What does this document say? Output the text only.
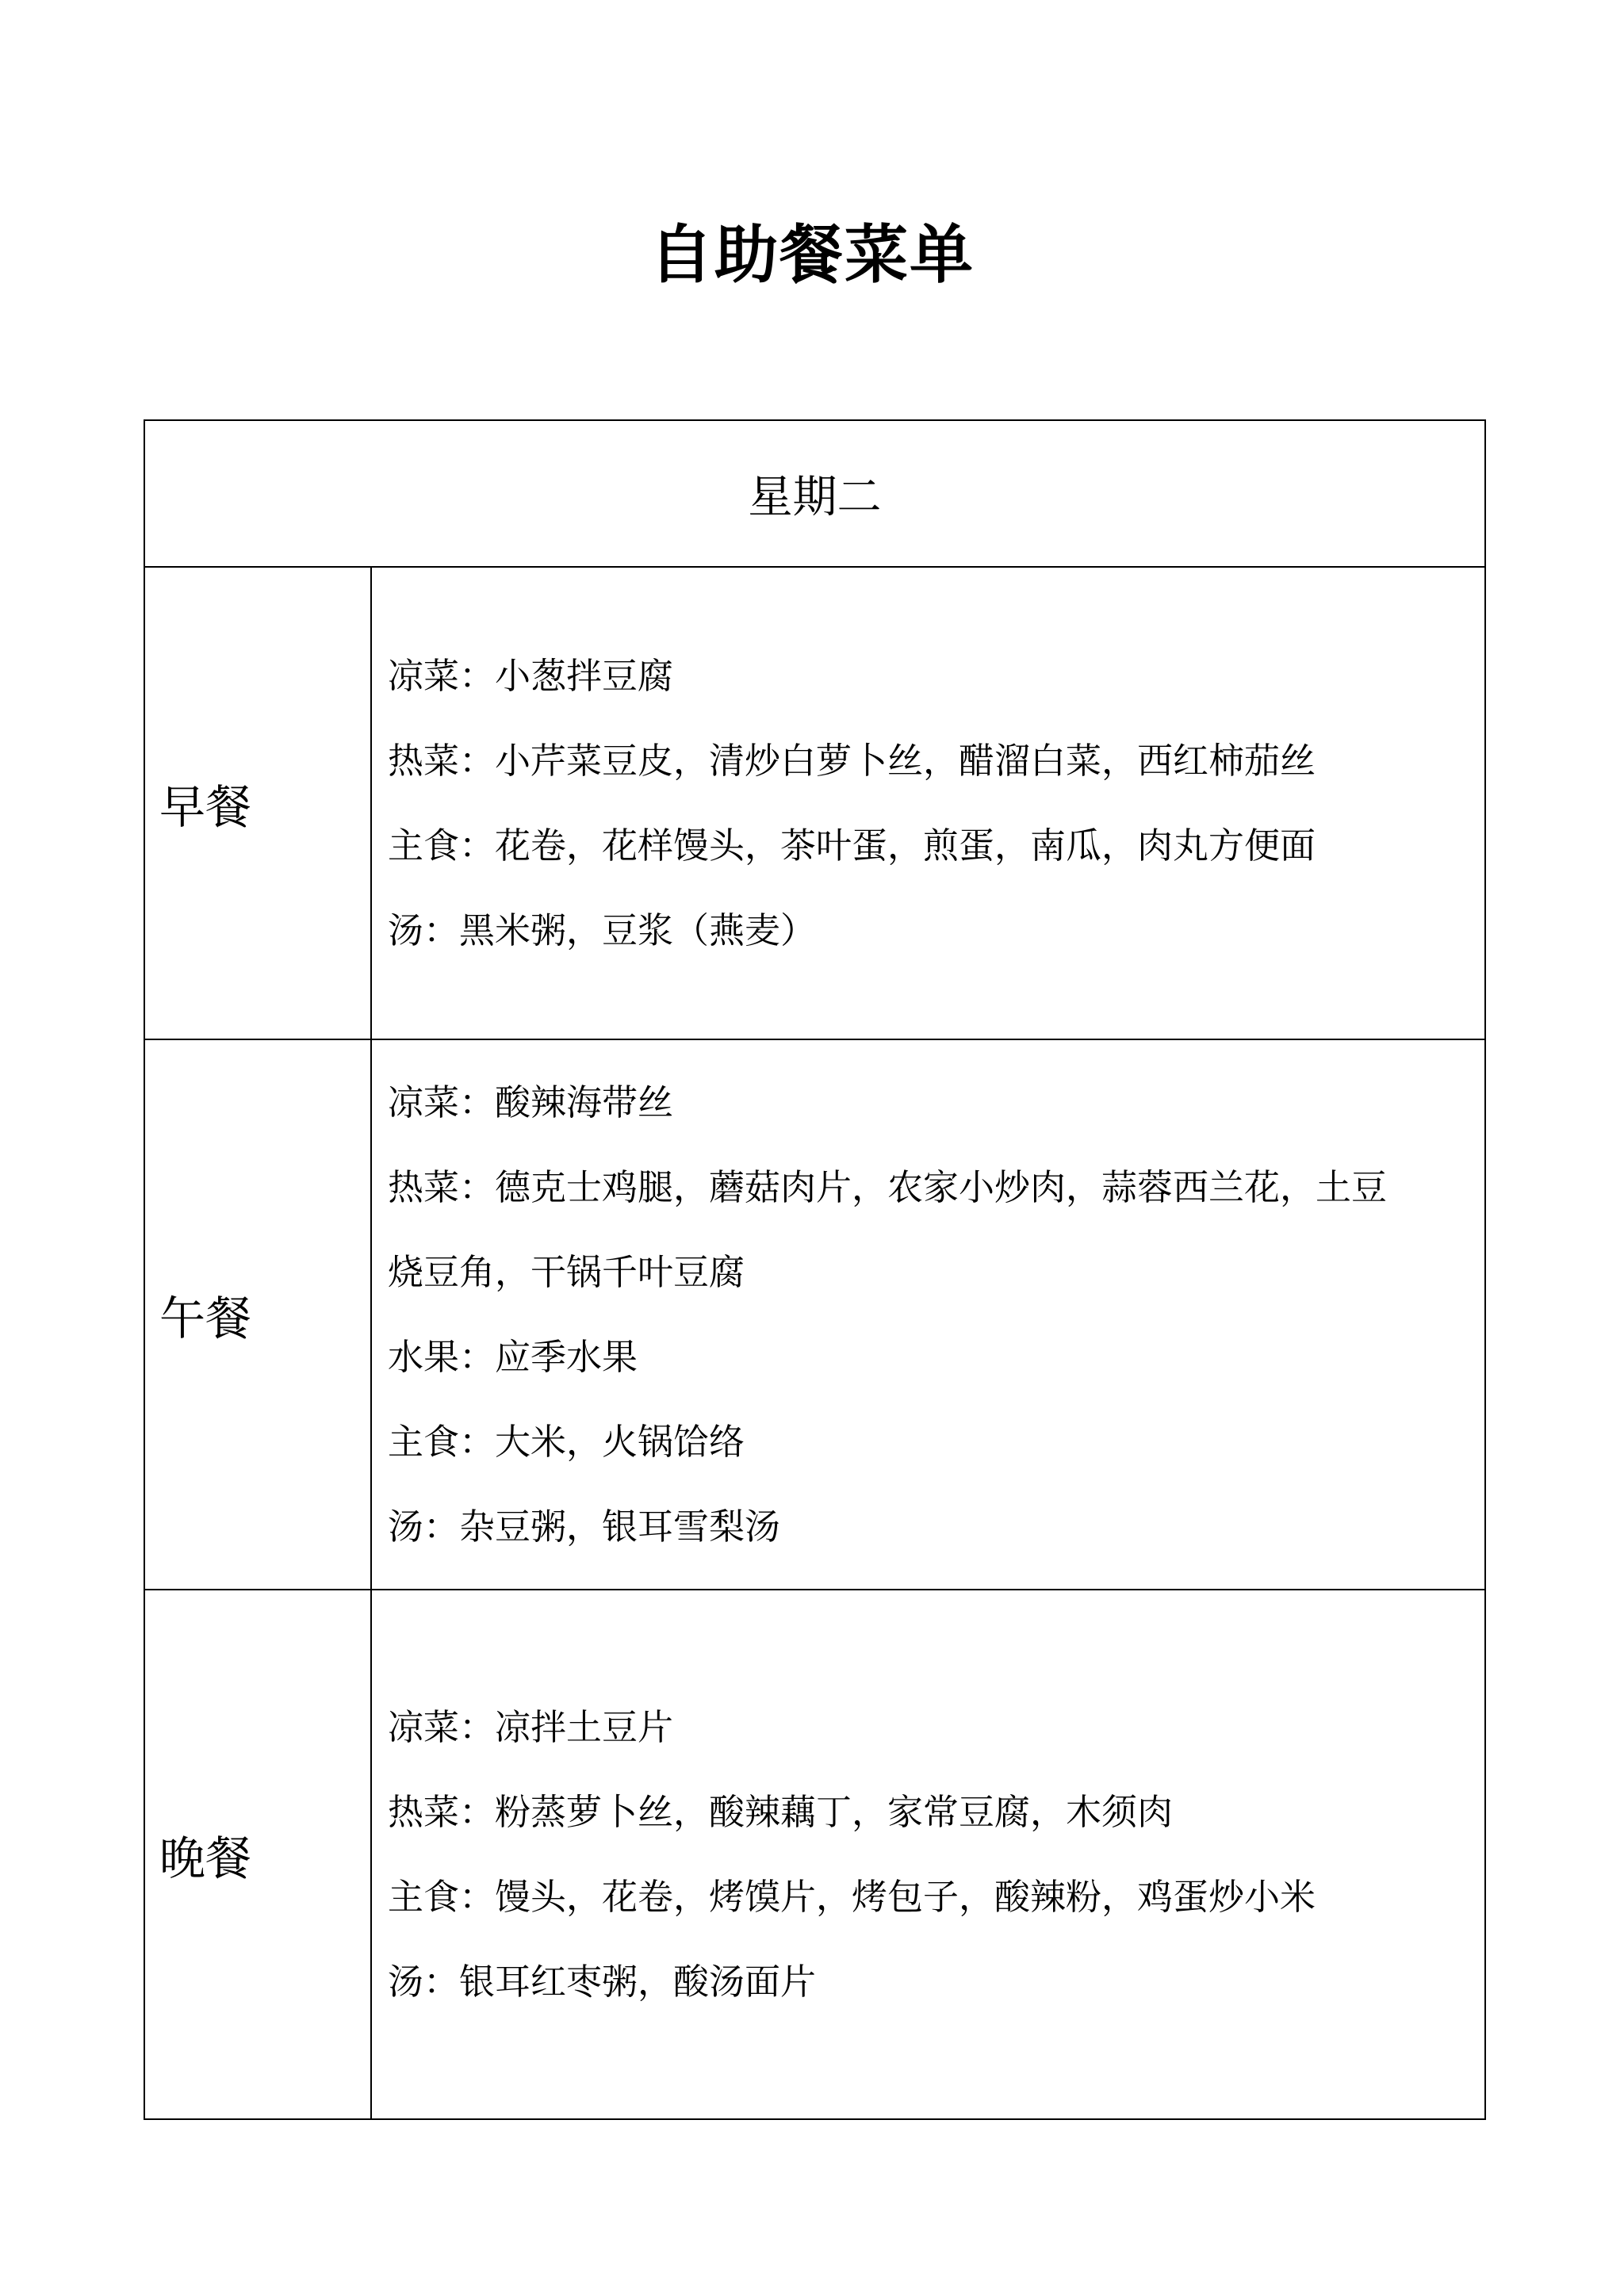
自助餐菜单
星期二
早餐
凉菜：小葱拌豆腐
热菜：小芹菜豆皮，清炒白萝卜丝，醋溜白菜，西红柿茄丝
主食：花卷，花样馒头，茶叶蛋，煎蛋，南瓜，肉丸方便面
汤：黑米粥，豆浆（燕麦）
午餐
凉菜：酸辣海带丝
热菜：德克士鸡腿，蘑菇肉片，农家小炒肉，蒜蓉西兰花，土豆
烧豆角，干锅千叶豆腐
水果：应季水果
主食：大米，火锅饸络
汤：杂豆粥，银耳雪梨汤
晚餐
凉菜：凉拌土豆片
热菜：粉蒸萝卜丝，酸辣藕丁，家常豆腐，木须肉
主食：馒头，花卷，烤馍片，烤包子，酸辣粉，鸡蛋炒小米
汤：银耳红枣粥，酸汤面片
